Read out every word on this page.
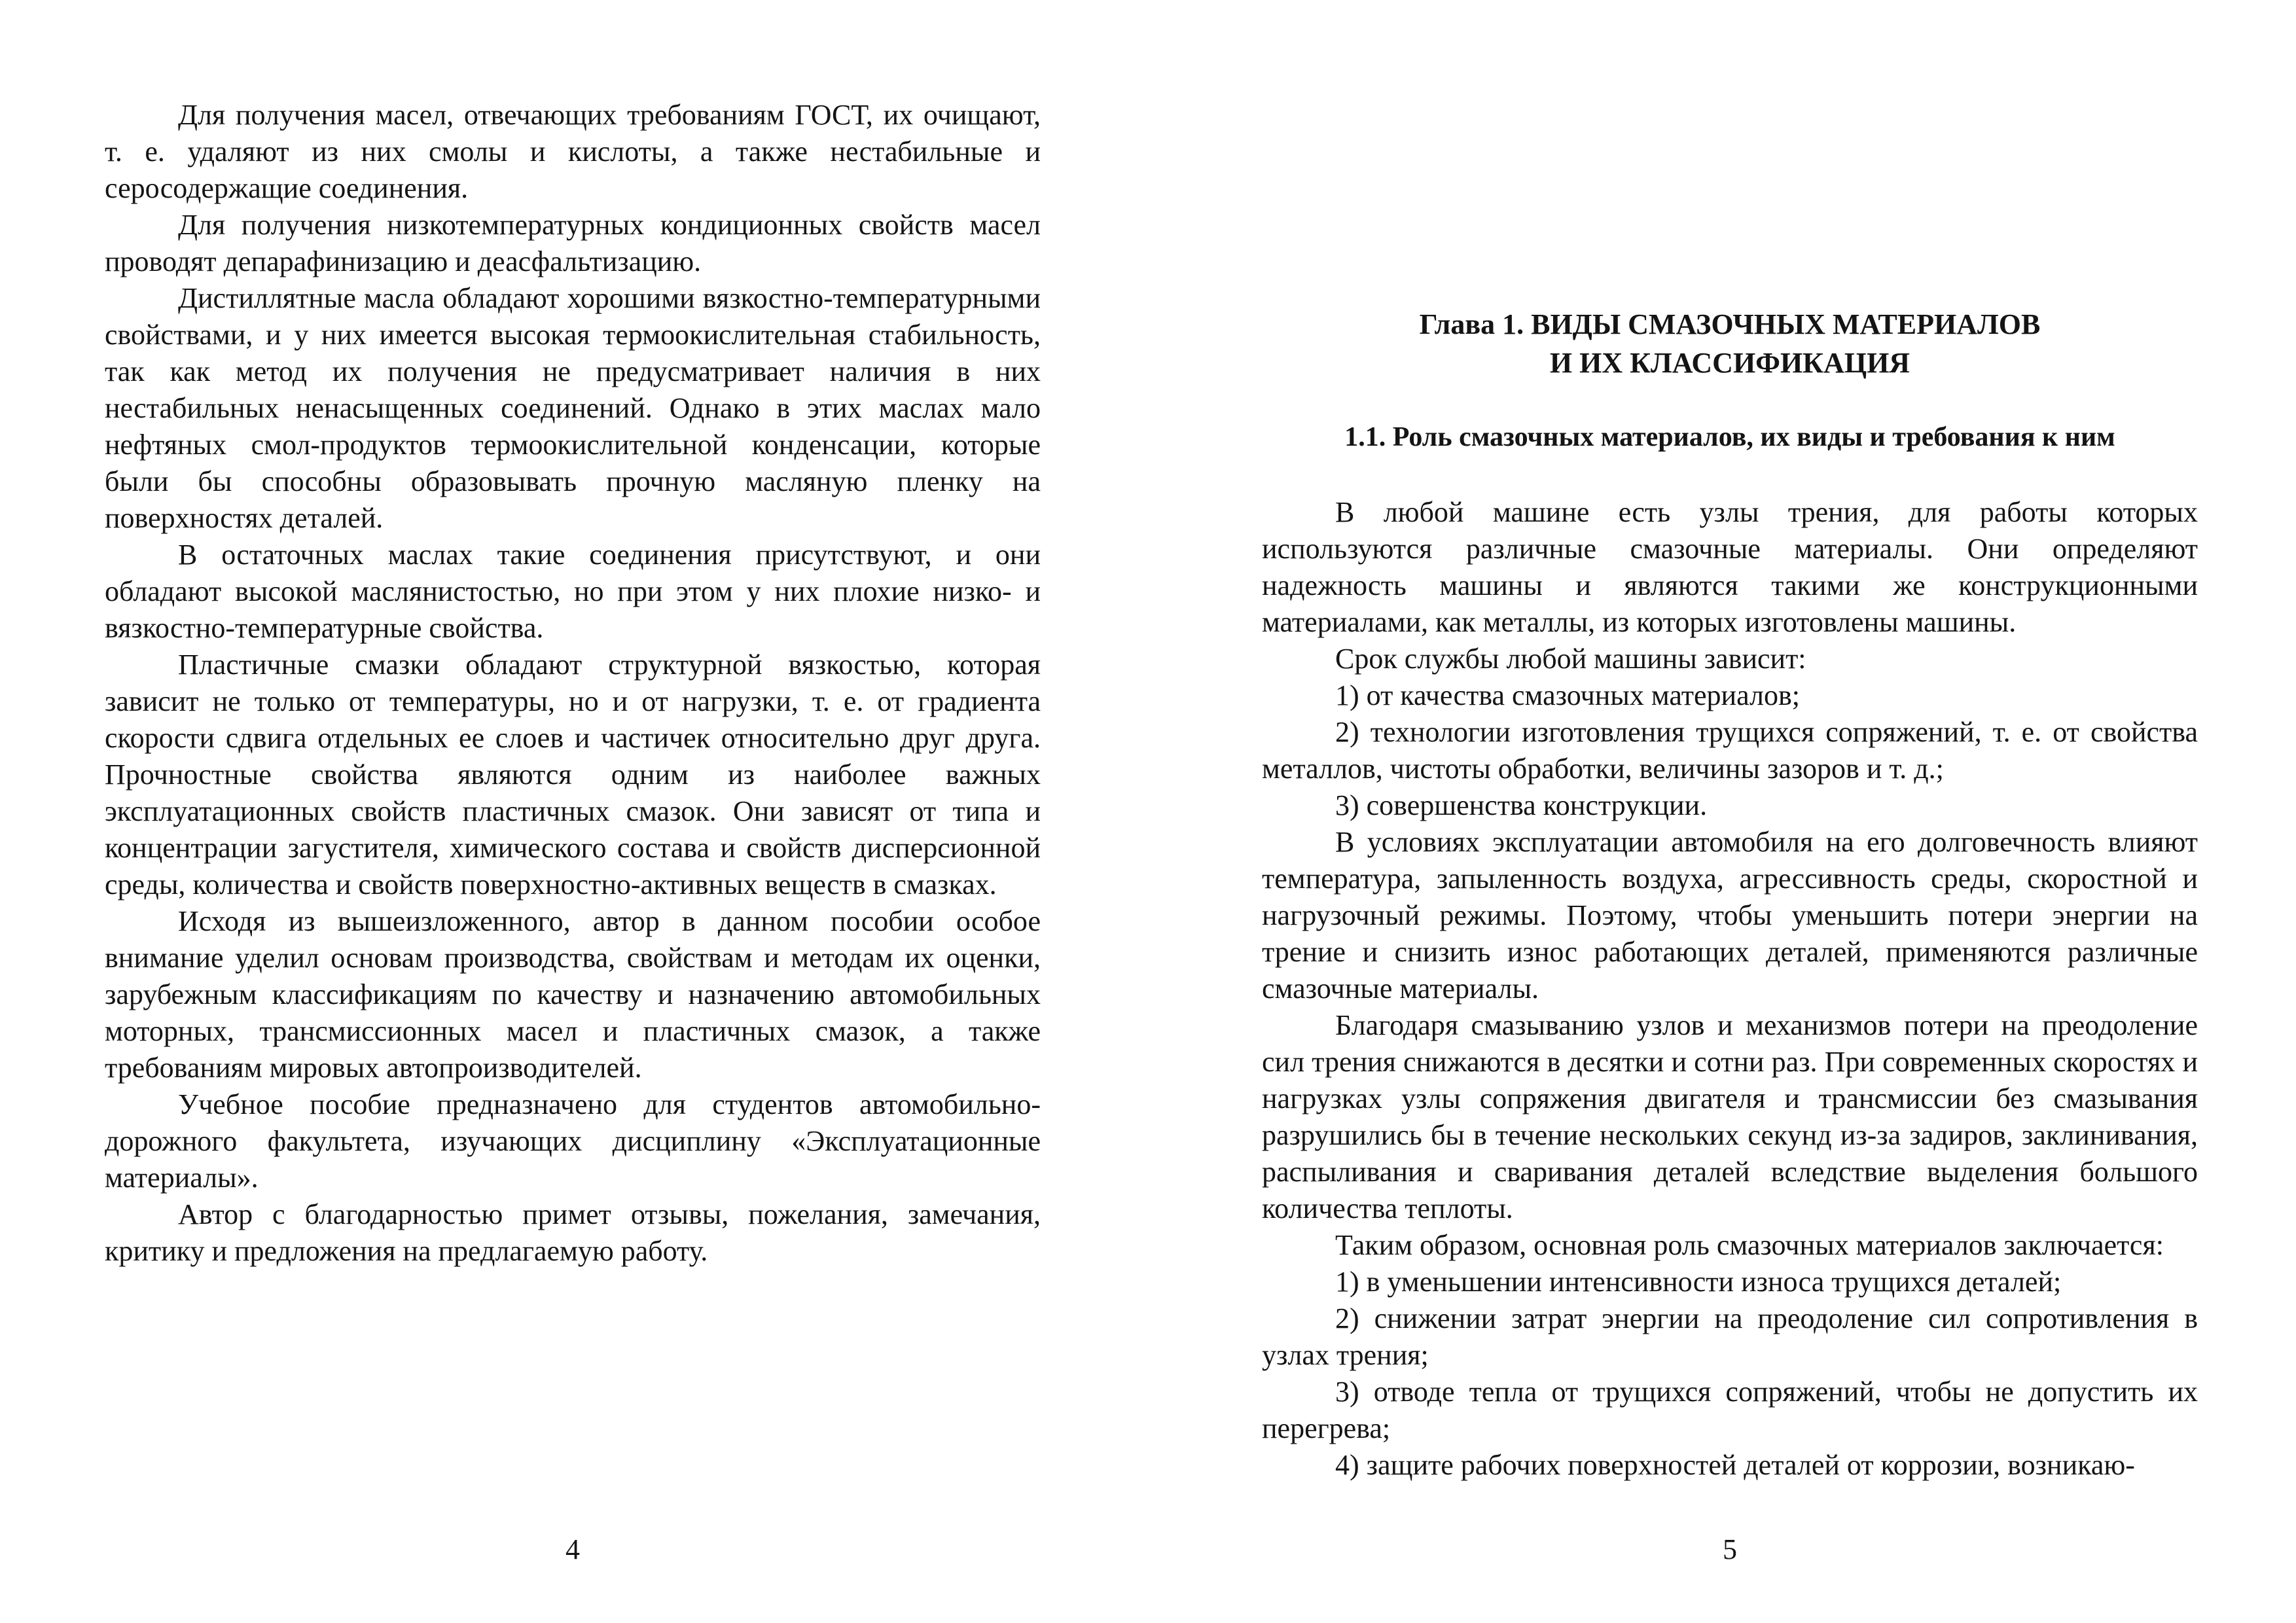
Для получения масел, отвечающих требованиям ГОСТ, их очищают, т. е. удаляют из них смолы и кислоты, а также нестабильные и серосодержащие соединения.

Для получения низкотемпературных кондиционных свойств масел проводят депарафинизацию и деасфальтизацию.

Дистиллятные масла обладают хорошими вязкостно-температурными свойствами, и у них имеется высокая термоокислительная стабильность, так как метод их получения не предусматривает наличия в них нестабильных ненасыщенных соединений. Однако в этих маслах мало нефтяных смол-продуктов термоокислительной конденсации, которые были бы способны образовывать прочную масляную пленку на поверхностях деталей.

В остаточных маслах такие соединения присутствуют, и они обладают высокой маслянистостью, но при этом у них плохие низко- и вязкостно-температурные свойства.

Пластичные смазки обладают структурной вязкостью, которая зависит не только от температуры, но и от нагрузки, т. е. от градиента скорости сдвига отдельных ее слоев и частичек относительно друг друга. Прочностные свойства являются одним из наиболее важных эксплуатационных свойств пластичных смазок. Они зависят от типа и концентрации загустителя, химического состава и свойств дисперсионной среды, количества и свойств поверхностно-активных веществ в смазках.

Исходя из вышеизложенного, автор в данном пособии особое внимание уделил основам производства, свойствам и методам их оценки, зарубежным классификациям по качеству и назначению автомобильных моторных, трансмиссионных масел и пластичных смазок, а также требованиям мировых автопроизводителей.

Учебное пособие предназначено для студентов автомобильно-дорожного факультета, изучающих дисциплину «Эксплуатационные материалы».

Автор с благодарностью примет отзывы, пожелания, замечания, критику и предложения на предлагаемую работу.

4
Глава 1. ВИДЫ СМАЗОЧНЫХ МАТЕРИАЛОВ
И ИХ КЛАССИФИКАЦИЯ
1.1. Роль смазочных материалов, их виды и требования к ним

В любой машине есть узлы трения, для работы которых используются различные смазочные материалы. Они определяют надежность машины и являются такими же конструкционными материалами, как металлы, из которых изготовлены машины.

Срок службы любой машины зависит:

1) от качества смазочных материалов;

2) технологии изготовления трущихся сопряжений, т. е. от свойства металлов, чистоты обработки, величины зазоров и т. д.;

3) совершенства конструкции.

В условиях эксплуатации автомобиля на его долговечность влияют температура, запыленность воздуха, агрессивность среды, скоростной и нагрузочный режимы. Поэтому, чтобы уменьшить потери энергии на трение и снизить износ работающих деталей, применяются различные смазочные материалы.

Благодаря смазыванию узлов и механизмов потери на преодоление сил трения снижаются в десятки и сотни раз. При современных скоростях и нагрузках узлы сопряжения двигателя и трансмиссии без смазывания разрушились бы в течение нескольких секунд из-за задиров, заклинивания, распыливания и сваривания деталей вследствие выделения большого количества теплоты.

Таким образом, основная роль смазочных материалов заключается:

1) в уменьшении интенсивности износа трущихся деталей;

2) снижении затрат энергии на преодоление сил сопротивления в узлах трения;

3) отводе тепла от трущихся сопряжений, чтобы не допустить их перегрева;

4) защите рабочих поверхностей деталей от коррозии, возникаю-

5
